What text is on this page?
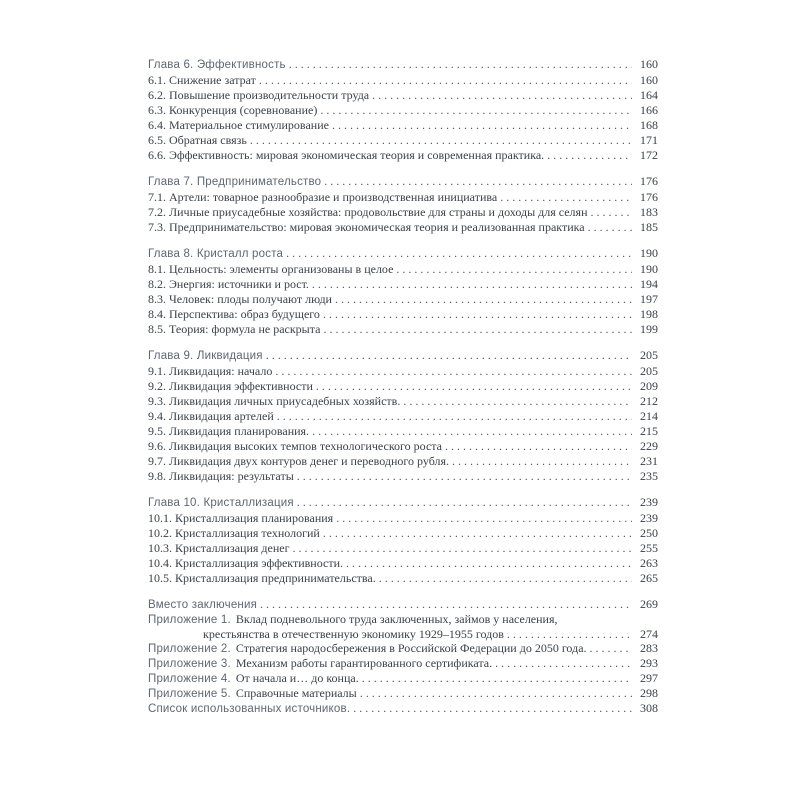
Глава 6. Эффективность . . .	160
6.1. Снижение затрат . . .	160
6.2. Повышение производительности труда . . .	164
6.3. Конкуренция (соревнование) . . .	166
6.4. Материальное стимулирование . . .	168
6.5. Обратная связь . . .	171
6.6. Эффективность: мировая экономическая теория и современная практика. . . .	172
Глава 7. Предпринимательство . . .	176
7.1. Артели: товарное разнообразие и производственная инициатива . . .	176
7.2. Личные приусадебные хозяйства: продовольствие для страны и доходы для селян . . .	183
7.3. Предпринимательство: мировая экономическая теория и реализованная практика . . .	185
Глава 8. Кристалл роста . . .	190
8.1. Цельность: элементы организованы в целое . . .	190
8.2. Энергия: источники и рост. . . .	194
8.3. Человек: плоды получают люди . . .	197
8.4. Перспектива: образ будущего . . .	198
8.5. Теория: формула не раскрыта . . .	199
Глава 9. Ликвидация . . .	205
9.1. Ликвидация: начало . . .	205
9.2. Ликвидация эффективности . . .	209
9.3. Ликвидация личных приусадебных хозяйств. . . .	212
9.4. Ликвидация артелей . . .	214
9.5. Ликвидация планирования. . . .	215
9.6. Ликвидация высоких темпов технологического роста . . .	229
9.7. Ликвидация двух контуров денег и переводного рубля. . . .	231
9.8. Ликвидация: результаты . . .	235
Глава 10. Кристаллизация . . .	239
10.1. Кристаллизация планирования . . .	239
10.2. Кристаллизация технологий . . .	250
10.3. Кристаллизация денег . . .	255
10.4. Кристаллизация эффективности. . . .	263
10.5. Кристаллизация предпринимательства. . . .	265
Вместо заключения . . .	269
Приложение 1. Вклад подневольного труда заключенных, займов у населения,
крестьянства в отечественную экономику 1929–1955 годов . . .	274
Приложение 2. Стратегия народосбережения в Российской Федерации до 2050 года. . . .	283
Приложение 3. Механизм работы гарантированного сертификата. . . .	293
Приложение 4. От начала и… до конца. . . .	297
Приложение 5. Справочные материалы . . .	298
Список использованных источников. . . .	308
